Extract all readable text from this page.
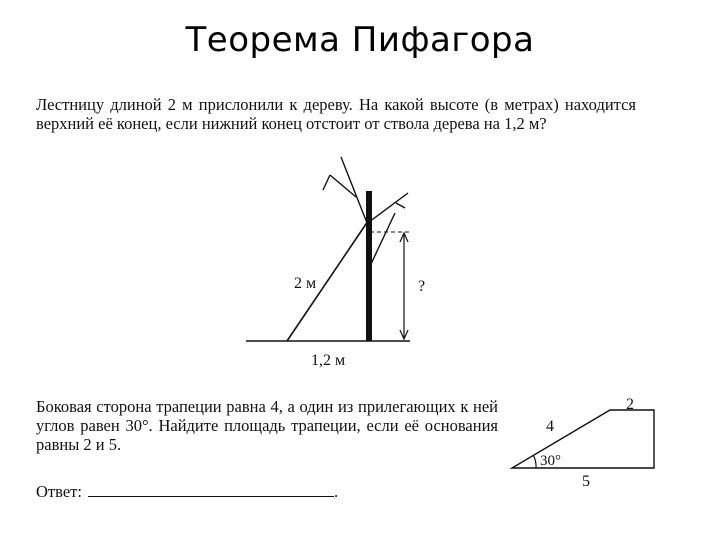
Теорема Пифагора
Лестницу длиной 2 м прислонили к дереву. На какой высоте (в метрах) находится верхний её конец, если нижний конец отстоит от ствола дерева на 1,2 м?
2 м	?
1,2 м
2
4
30°
5
Боковая сторона трапеции равна 4, а один из прилегающих к ней углов равен 30°. Найдите площадь трапеции, если её основания равны 2 и 5.
Ответ:	.
